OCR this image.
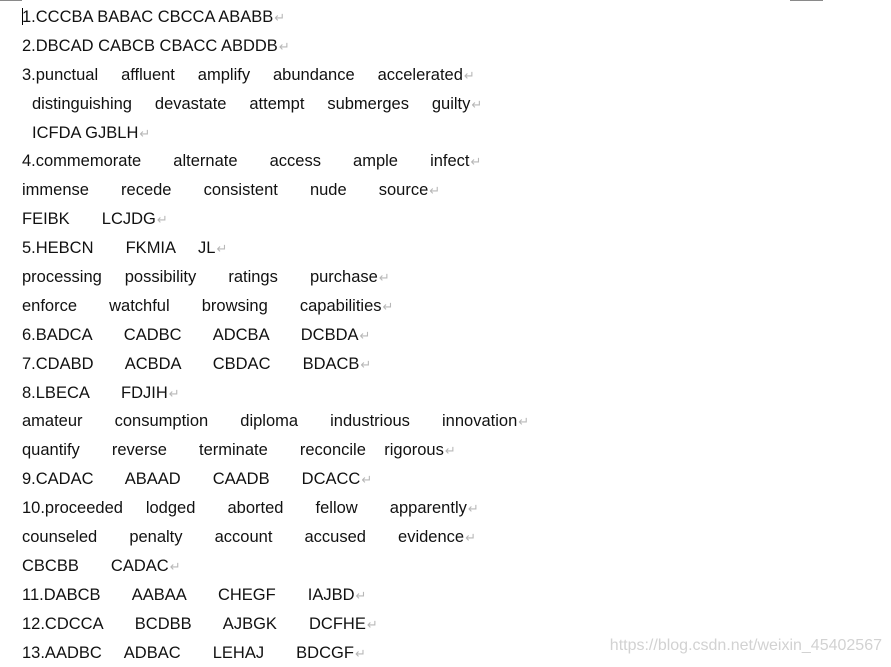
1.CCCBA BABAC CBCCA ABABB↵
2.DBCAD CABCB CBACC ABDDB↵
3.punctual     affluent     amplify     abundance     accelerated↵
distinguishing     devastate     attempt     submerges     guilty↵
ICFDA GJBLH↵
4.commemorate       alternate       access       ample       infect↵
immense       recede       consistent       nude       source↵
FEIBK       LCJDG↵
5.HEBCN       FKMIA     JL↵
processing     possibility       ratings       purchase↵
enforce       watchful       browsing       capabilities↵
6.BADCA       CADBC       ADCBA       DCBDA↵
7.CDABD       ACBDA       CBDAC       BDACB↵
8.LBECA       FDJIH↵
amateur       consumption       diploma       industrious       innovation↵
quantify       reverse       terminate       reconcile    rigorous↵
9.CADAC       ABAAD       CAADB       DCACC↵
10.proceeded     lodged       aborted       fellow       apparently↵
counseled       penalty       account       accused       evidence↵
CBCBB       CADAC↵
11.DABCB       AABAA       CHEGF       IAJBD↵
12.CDCCA       BCDBB       AJBGK       DCFHE↵
13.AADBC     ADBAC       LEHAJ       BDCGF↵	https://blog.csdn.net/weixin_45402567
